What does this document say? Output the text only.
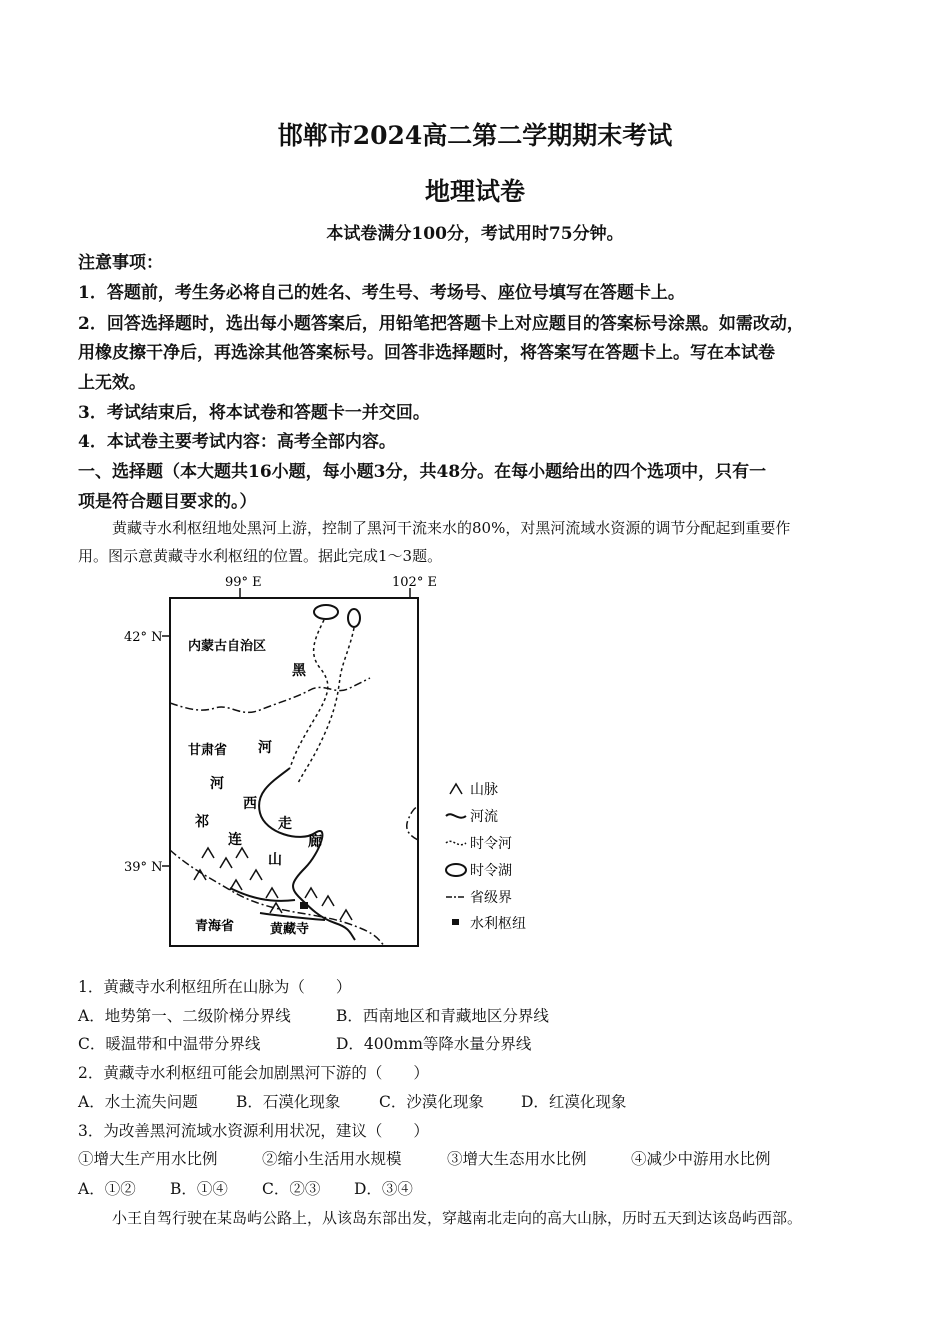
邯郸市2024高二第二学期期末考试
地理试卷
本试卷满分100分，考试用时75分钟。
注意事项：
1．答题前，考生务必将自己的姓名、考生号、考场号、座位号填写在答题卡上。
2．回答选择题时，选出每小题答案后，用铅笔把答题卡上对应题目的答案标号涂黑。如需改动，
用橡皮擦干净后，再选涂其他答案标号。回答非选择题时，将答案写在答题卡上。写在本试卷
上无效。
3．考试结束后，将本试卷和答题卡一并交回。
4．本试卷主要考试内容：高考全部内容。
一、选择题（本大题共16小题，每小题3分，共48分。在每小题给出的四个选项中，只有一
项是符合题目要求的。）
黄藏寺水利枢纽地处黑河上游，控制了黑河干流来水的80%，对黑河流域水资源的调节分配起到重要作
用。图示意黄藏寺水利枢纽的位置。据此完成1～3题。
99° E	102° E
42° N
39° N
内蒙古自治区
甘肃省
青海省
黑
河
河
西
走
廊
祁
连
山
黄藏寺
山脉
河流
时令河
时令湖
省级界
水利枢纽
1．黄藏寺水利枢纽所在山脉为（　　）
A．地势第一、二级阶梯分界线	B．西南地区和青藏地区分界线
C．暖温带和中温带分界线	D．400mm等降水量分界线
2．黄藏寺水利枢纽可能会加剧黑河下游的（　　）
A．水土流失问题 B．石漠化现象 C．沙漠化现象 D．红漠化现象
3．为改善黑河流域水资源利用状况，建议（　　）
①增大生产用水比例	②缩小生活用水规模	③增大生态用水比例	④减少中游用水比例
A．①② B．①④ C．②③ D．③④
小王自驾行驶在某岛屿公路上，从该岛东部出发，穿越南北走向的高大山脉，历时五天到达该岛屿西部。
